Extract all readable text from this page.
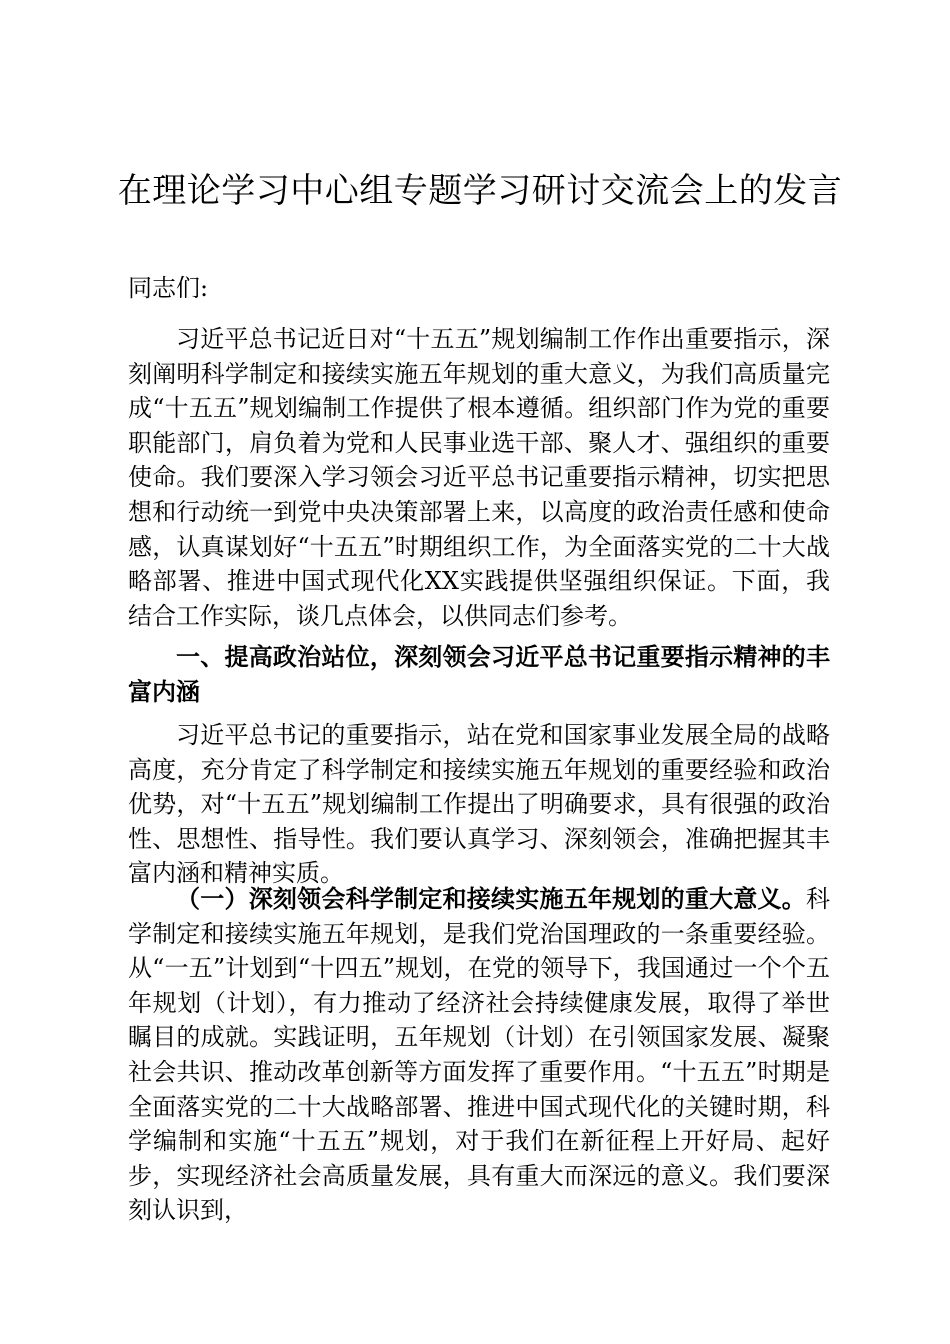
在理论学习中心组专题学习研讨交流会上的发言
同志们:

习近平总书记近日对“十五五”规划编制工作作出重要指示，深刻阐明科学制定和接续实施五年规划的重大意义，为我们高质量完成“十五五”规划编制工作提供了根本遵循。组织部门作为党的重要职能部门，肩负着为党和人民事业选干部、聚人才、强组织的重要使命。我们要深入学习领会习近平总书记重要指示精神，切实把思想和行动统一到党中央决策部署上来，以高度的政治责任感和使命感，认真谋划好“十五五”时期组织工作，为全面落实党的二十大战略部署、推进中国式现代化XX实践提供坚强组织保证。下面，我结合工作实际，谈几点体会，以供同志们参考。

一、提高政治站位，深刻领会习近平总书记重要指示精神的丰富内涵

习近平总书记的重要指示，站在党和国家事业发展全局的战略高度，充分肯定了科学制定和接续实施五年规划的重要经验和政治优势，对“十五五”规划编制工作提出了明确要求，具有很强的政治性、思想性、指导性。我们要认真学习、深刻领会，准确把握其丰富内涵和精神实质。

（一）深刻领会科学制定和接续实施五年规划的重大意义。科学制定和接续实施五年规划，是我们党治国理政的一条重要经验。从“一五”计划到“十四五”规划，在党的领导下，我国通过一个个五年规划（计划），有力推动了经济社会持续健康发展，取得了举世瞩目的成就。实践证明，五年规划（计划）在引领国家发展、凝聚社会共识、推动改革创新等方面发挥了重要作用。“十五五”时期是全面落实党的二十大战略部署、推进中国式现代化的关键时期，科学编制和实施“十五五”规划，对于我们在新征程上开好局、起好步，实现经济社会高质量发展，具有重大而深远的意义。我们要深刻认识到，
